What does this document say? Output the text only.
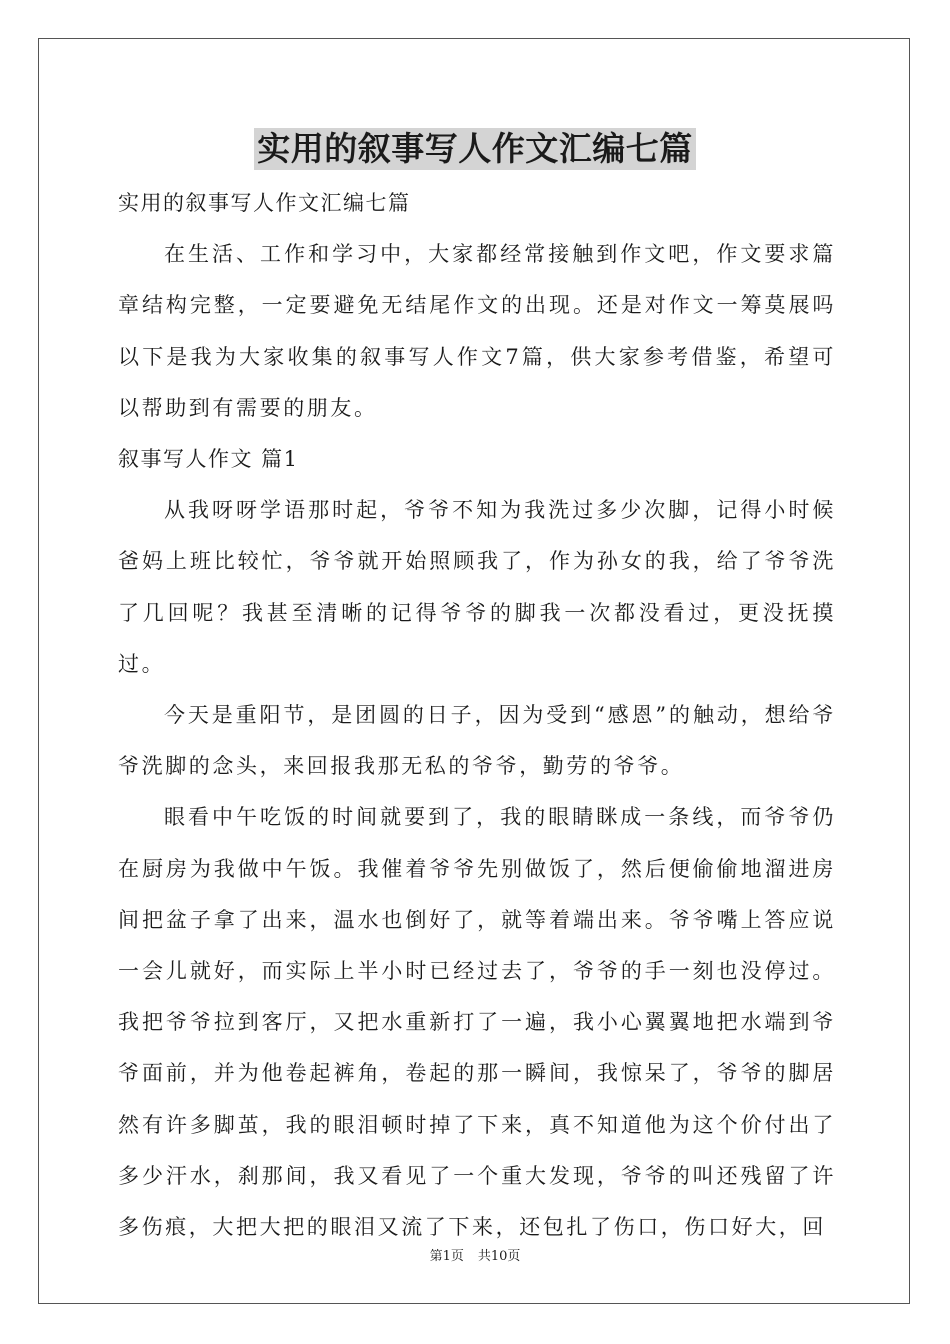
实用的叙事写人作文汇编七篇

实用的叙事写人作文汇编七篇

在生活、工作和学习中，大家都经常接触到作文吧，作文要求篇章结构完整，一定要避免无结尾作文的出现。还是对作文一筹莫展吗以下是我为大家收集的叙事写人作文7篇，供大家参考借鉴，希望可以帮助到有需要的朋友。

叙事写人作文 篇1

从我呀呀学语那时起，爷爷不知为我洗过多少次脚，记得小时候爸妈上班比较忙，爷爷就开始照顾我了，作为孙女的我，给了爷爷洗了几回呢？我甚至清晰的记得爷爷的脚我一次都没看过，更没抚摸过。

今天是重阳节，是团圆的日子，因为受到“感恩”的触动，想给爷爷洗脚的念头，来回报我那无私的爷爷，勤劳的爷爷。

眼看中午吃饭的时间就要到了，我的眼睛眯成一条线，而爷爷仍在厨房为我做中午饭。我催着爷爷先别做饭了，然后便偷偷地溜进房间把盆子拿了出来，温水也倒好了，就等着端出来。爷爷嘴上答应说一会儿就好，而实际上半小时已经过去了，爷爷的手一刻也没停过。我把爷爷拉到客厅，又把水重新打了一遍，我小心翼翼地把水端到爷爷面前，并为他卷起裤角，卷起的那一瞬间，我惊呆了，爷爷的脚居然有许多脚茧，我的眼泪顿时掉了下来，真不知道他为这个价付出了多少汗水，刹那间，我又看见了一个重大发现，爷爷的叫还残留了许多伤痕，大把大把的眼泪又流了下来，还包扎了伤口，伤口好大，回

第1页 共10页
